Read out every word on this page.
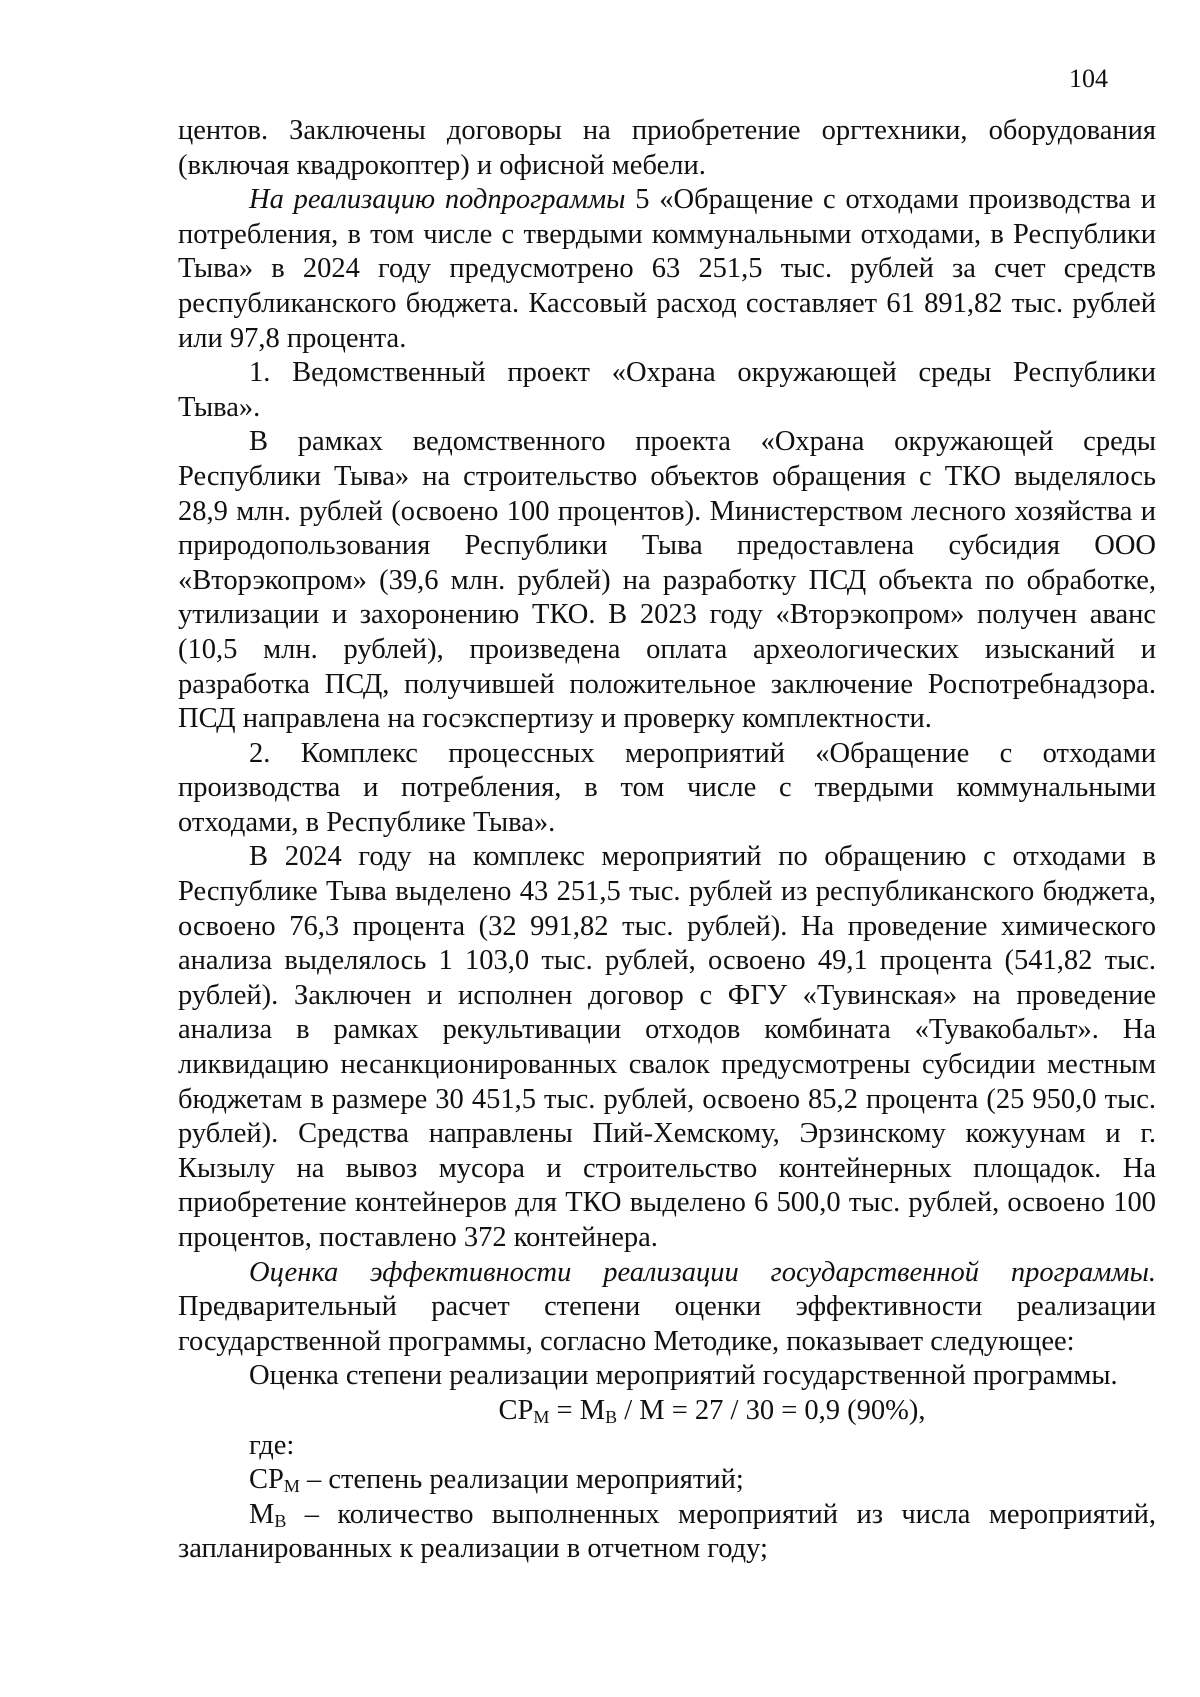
104

центов. Заключены договоры на приобретение оргтехники, оборудования (включая квадрокоптер) и офисной мебели.

На реализацию подпрограммы 5 «Обращение с отходами производства и потребления, в том числе с твердыми коммунальными отходами, в Республики Тыва» в 2024 году предусмотрено 63 251,5 тыс. рублей за счет средств республиканского бюджета. Кассовый расход составляет 61 891,82 тыс. рублей или 97,8 процента.

1. Ведомственный проект «Охрана окружающей среды Республики Тыва».

В рамках ведомственного проекта «Охрана окружающей среды Республики Тыва» на строительство объектов обращения с ТКО выделялось 28,9 млн. рублей (освоено 100 процентов). Министерством лесного хозяйства и природопользования Республики Тыва предоставлена субсидия ООО «Вторэкопром» (39,6 млн. рублей) на разработку ПСД объекта по обработке, утилизации и захоронению ТКО. В 2023 году «Вторэкопром» получен аванс (10,5 млн. рублей), произведена оплата археологических изысканий и разработка ПСД, получившей положительное заключение Роспотребнадзора. ПСД направлена на госэкспертизу и проверку комплектности.

2. Комплекс процессных мероприятий «Обращение с отходами производства и потребления, в том числе с твердыми коммунальными отходами, в Республике Тыва».

В 2024 году на комплекс мероприятий по обращению с отходами в Республике Тыва выделено 43 251,5 тыс. рублей из республиканского бюджета, освоено 76,3 процента (32 991,82 тыс. рублей). На проведение химического анализа выделялось 1 103,0 тыс. рублей, освоено 49,1 процента (541,82 тыс. рублей). Заключен и исполнен договор с ФГУ «Тувинская» на проведение анализа в рамках рекультивации отходов комбината «Тувакобальт». На ликвидацию несанкционированных свалок предусмотрены субсидии местным бюджетам в размере 30 451,5 тыс. рублей, освоено 85,2 процента (25 950,0 тыс. рублей). Средства направлены Пий-Хемскому, Эрзинскому кожуунам и г. Кызылу на вывоз мусора и строительство контейнерных площадок. На приобретение контейнеров для ТКО выделено 6 500,0 тыс. рублей, освоено 100 процентов, поставлено 372 контейнера.

Оценка эффективности реализации государственной программы. Предварительный расчет степени оценки эффективности реализации государственной программы, согласно Методике, показывает следующее:

Оценка степени реализации мероприятий государственной программы.

$СР_М = М_В / М = 27 / 30 = 0,9$ (90%),

где:

$СР_М$ – степень реализации мероприятий;

$М_В$ – количество выполненных мероприятий из числа мероприятий, запланированных к реализации в отчетном году;
